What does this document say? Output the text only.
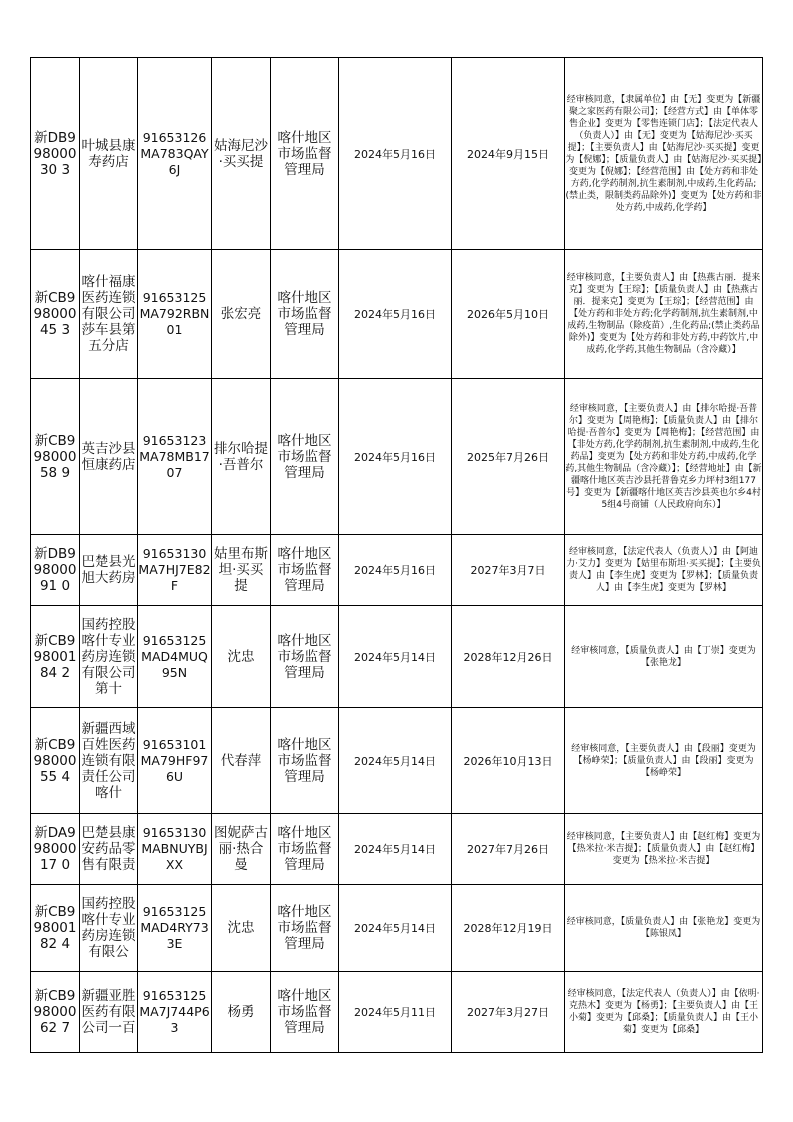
新DB99800030 3	叶城县康寿药店	91653126MA783QAY6J	姑海尼沙·买买提	喀什地区市场监督管理局	2024年5月16日	2024年9月15日	经审核同意，【隶属单位】由【无】变更为【新疆聚之家医药有限公司】；【经营方式】由【单体零售企业】变更为【零售连锁门店】；【法定代表人（负责人）】由【无】变更为【姑海尼沙·买买提】；【主要负责人】由【姑海尼沙·买买提】变更为【倪娜】；【质量负责人】由【姑海尼沙·买买提】变更为【倪娜】；【经营范围】由【处方药和非处方药,化学药制剂,抗生素制剂,中成药,生化药品;(禁止类，限制类药品除外)】变更为【处方药和非处方药,中成药,化学药】

新CB99800045 3	喀什福康医药连锁有限公司莎车县第五分店	91653125MA792RBN01	张宏亮	喀什地区市场监督管理局	2024年5月16日	2026年5月10日	经审核同意，【主要负责人】由【热燕古丽．提来克】变更为【王琮】；【质量负责人】由【热燕古丽．提来克】变更为【王琮】；【经营范围】由【处方药和非处方药;化学药制剂,抗生素制剂,中成药,生物制品（除疫苗）,生化药品;(禁止类药品除外)】变更为【处方药和非处方药,中药饮片,中成药,化学药,其他生物制品（含冷藏）】

新CB99800058 9	英吉沙县恒康药店	91653123MA78MB1707	排尔哈提·吾普尔	喀什地区市场监督管理局	2024年5月16日	2025年7月26日	经审核同意，【主要负责人】由【排尔哈提·吾普尔】变更为【周艳梅】；【质量负责人】由【排尔哈提·吾普尔】变更为【周艳梅】；【经营范围】由【非处方药,化学药制剂,抗生素制剂,中成药,生化药品】变更为【处方药和非处方药,中成药,化学药,其他生物制品（含冷藏）】；【经营地址】由【新疆喀什地区英吉沙县托普鲁克乡力坪村3组177号】变更为【新疆喀什地区英吉沙县英也尔乡4村5组4号商铺（人民政府向东）】

新DB99800091 0	巴楚县光旭大药房	91653130MA7HJ7E82F	姑里布斯坦·买买提	喀什地区市场监督管理局	2024年5月16日	2027年3月7日	经审核同意，【法定代表人（负责人）】由【阿迪力·艾力】变更为【姑里布斯坦·买买提】；【主要负责人】由【李生虎】变更为【罗林】；【质量负责人】由【李生虎】变更为【罗林】

新CB99800184 2	国药控股喀什专业药房连锁有限公司第十	91653125MAD4MUQ95N	沈忠	喀什地区市场监督管理局	2024年5月14日	2028年12月26日	经审核同意，【质量负责人】由【丁崇】变更为【张艳龙】

新CB99800055 4	新疆西域百姓医药连锁有限责任公司喀什	91653101MA79HF976U	代春萍	喀什地区市场监督管理局	2024年5月14日	2026年10月13日	经审核同意，【主要负责人】由【段丽】变更为【杨峥荣】；【质量负责人】由【段丽】变更为【杨峥荣】

新DA99800017 0	巴楚县康安药品零售有限责	91653130MABNUYBJXX	图妮萨古丽·热合曼	喀什地区市场监督管理局	2024年5月14日	2027年7月26日	经审核同意，【主要负责人】由【赵红梅】变更为【热米拉·米吉提】；【质量负责人】由【赵红梅】变更为【热米拉·米吉提】

新CB99800182 4	国药控股喀什专业药房连锁有限公	91653125MAD4RY733E	沈忠	喀什地区市场监督管理局	2024年5月14日	2028年12月19日	经审核同意，【质量负责人】由【张艳龙】变更为【陈银凤】

新CB99800062 7	新疆亚胜医药有限公司一百	91653125MA7J744P63	杨勇	喀什地区市场监督管理局	2024年5月11日	2027年3月27日	经审核同意，【法定代表人（负责人）】由【依明·克热木】变更为【杨勇】；【主要负责人】由【王小菊】变更为【邱桑】；【质量负责人】由【王小菊】变更为【邱桑】
